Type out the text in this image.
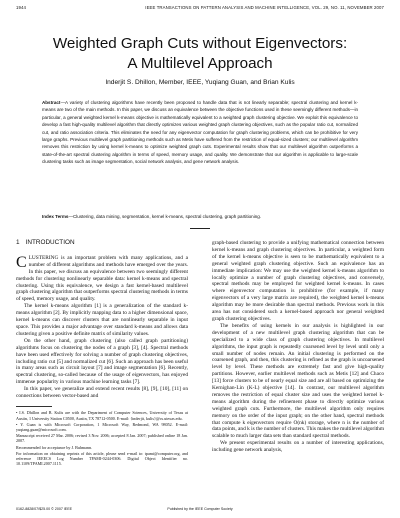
1944	IEEE TRANSACTIONS ON PATTERN ANALYSIS AND MACHINE INTELLIGENCE, VOL. 29, NO. 11, NOVEMBER 2007
Weighted Graph Cuts without Eigenvectors:
A Multilevel Approach
Inderjit S. Dhillon, Member, IEEE, Yuqiang Guan, and Brian Kulis
Abstract—A variety of clustering algorithms have recently been proposed to handle data that is not linearly separable; spectral clustering and kernel k-means are two of the main methods. In this paper, we discuss an equivalence between the objective functions used in these seemingly different methods—in particular, a general weighted kernel k-means objective is mathematically equivalent to a weighted graph clustering objective. We exploit this equivalence to develop a fast high-quality multilevel algorithm that directly optimizes various weighted graph clustering objectives, such as the popular ratio cut, normalized cut, and ratio association criteria. This eliminates the need for any eigenvector computation for graph clustering problems, which can be prohibitive for very large graphs. Previous multilevel graph partitioning methods such as Metis have suffered from the restriction of equal-sized clusters; our multilevel algorithm removes this restriction by using kernel k-means to optimize weighted graph cuts. Experimental results show that our multilevel algorithm outperforms a state-of-the-art spectral clustering algorithm in terms of speed, memory usage, and quality. We demonstrate that our algorithm is applicable to large-scale clustering tasks such as image segmentation, social network analysis, and gene network analysis.
Index Terms—Clustering, data mining, segmentation, kernel k-means, spectral clustering, graph partitioning.
1 INTRODUCTION

CLUSTERING is an important problem with many applications, and a number of different algorithms and methods have emerged over the years. In this paper, we discuss an equivalence between two seemingly different methods for clustering nonlinearly separable data: kernel k-means and spectral clustering. Using this equivalence, we design a fast kernel-based multilevel graph clustering algorithm that outperforms spectral clustering methods in terms of speed, memory usage, and quality.

The kernel k-means algorithm [1] is a generalization of the standard k-means algorithm [2]. By implicitly mapping data to a higher dimensional space, kernel k-means can discover clusters that are nonlinearly separable in input space. This provides a major advantage over standard k-means and allows data clustering given a positive definite matrix of similarity values.

On the other hand, graph clustering (also called graph partitioning) algorithms focus on clustering the nodes of a graph [3], [4]. Spectral methods have been used effectively for solving a number of graph clustering objectives, including ratio cut [5] and normalized cut [6]. Such an approach has been useful in many areas such as circuit layout [7] and image segmentation [6]. Recently, spectral clustering, so-called because of the usage of eigenvectors, has enjoyed immense popularity in various machine learning tasks [7].

In this paper, we generalize and extend recent results [8], [9], [10], [11] on connections between vector-based and

• I.S. Dhillon and B. Kulis are with the Department of Computer Sciences, University of Texas at Austin, 1 University Station C0500, Austin, TX 78712-0500. E-mail: {inderjit, kulis}@cs.utexas.edu.
• Y. Guan is with Microsoft Corporation, 1 Microsoft Way, Redmond, WA 98052. E-mail: yuqiang.guan@microsoft.com.
Manuscript received 27 Mar. 2006; revised 3 Nov. 2006; accepted 8 Jan. 2007; published online 18 Jan. 2007.
Recommended for acceptance by J. Buhmann.
For information on obtaining reprints of this article, please send e-mail to: tpami@computer.org, and reference IEEECS Log Number TPAMI-0244-0306. Digital Object Identifier no. 10.1109/TPAMI.2007.1115.

graph-based clustering to provide a unifying mathematical connection between kernel k-means and graph clustering objectives. In particular, a weighted form of the kernel k-means objective is seen to be mathematically equivalent to a general weighted graph clustering objective. Such an equivalence has an immediate implication: We may use the weighted kernel k-means algorithm to locally optimize a number of graph clustering objectives, and conversely, spectral methods may be employed for weighted kernel k-means. In cases where eigenvector computation is prohibitive (for example, if many eigenvectors of a very large matrix are required), the weighted kernel k-means algorithm may be more desirable than spectral methods. Previous work in this area has not considered such a kernel-based approach nor general weighted graph clustering objectives.

The benefits of using kernels in our analysis is highlighted in our development of a new multilevel graph clustering algorithm that can be specialized to a wide class of graph clustering objectives. In multilevel algorithms, the input graph is repeatedly coarsened level by level until only a small number of nodes remain. An initial clustering is performed on the coarsened graph, and then, this clustering is refined as the graph is uncoarsened level by level. These methods are extremely fast and give high-quality partitions. However, earlier multilevel methods such as Metis [12] and Chaco [13] force clusters to be of nearly equal size and are all based on optimizing the Kernighan-Lin (K-L) objective [14]. In contrast, our multilevel algorithm removes the restriction of equal cluster size and uses the weighted kernel k-means algorithm during the refinement phase to directly optimize various weighted graph cuts. Furthermore, the multilevel algorithm only requires memory on the order of the input graph; on the other hand, spectral methods that compute k eigenvectors require O(nk) storage, where n is the number of data points, and k is the number of clusters. This makes the multilevel algorithm scalable to much larger data sets than standard spectral methods.

We present experimental results on a number of interesting applications, including gene network analysis,

Published by the IEEE Computer Society
0162-8828/07/$25.00 © 2007 IEEE
